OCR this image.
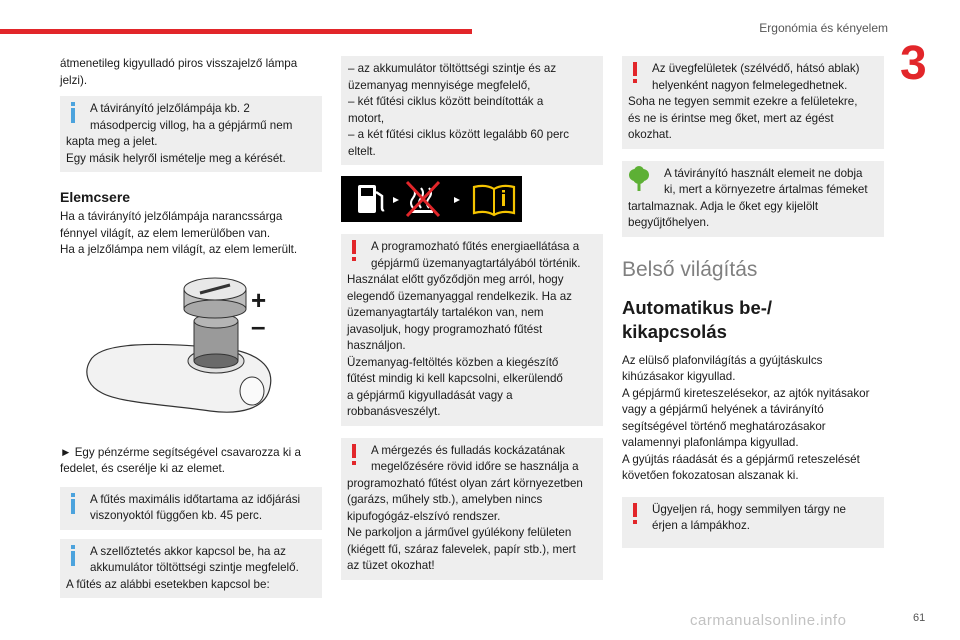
Ergonómia és kényelem
3

átmenetileg kigyulladó piros visszajelző lámpa jelzi).

A távirányító jelzőlámpája kb. 2
másodpercig villog, ha a gépjármű nem
kapta meg a jelet.
Egy másik helyről ismételje meg a kérését.
Elemcsere

Ha a távirányító jelzőlámpája narancssárga

fénnyel világít, az elem lemerülőben van.

Ha a jelzőlámpa nem világít, az elem lemerült.

+
–

► Egy pénzérme segítségével csavarozza ki a

fedelet, és cserélje ki az elemet.

A fűtés maximális időtartama az időjárási
viszonyoktól függően kb. 45 perc.
A szellőztetés akkor kapcsol be, ha az
akkumulátor töltöttségi szintje megfelelő.
A fűtés az alábbi esetekben kapcsol be:
– az akkumulátor töltöttségi szintje és az
üzemanyag mennyisége megfelelő,
– két fűtési ciklus között beindították a
motort,
– a két fűtési ciklus között legalább 60 perc
eltelt.
A programozható fűtés energiaellátása a
gépjármű üzemanyagtartályából történik.
Használat előtt győződjön meg arról, hogy
elegendő üzemanyaggal rendelkezik. Ha az
üzemanyagtartály tartalékon van, nem
javasoljuk, hogy programozható fűtést
használjon.
Üzemanyag-feltöltés közben a kiegészítő
fűtést mindig ki kell kapcsolni, elkerülendő
a gépjármű kigyulladását vagy a
robbanásveszélyt.
A mérgezés és fulladás kockázatának
megelőzésére rövid időre se használja a
programozható fűtést olyan zárt környezetben
(garázs, műhely stb.), amelyben nincs
kipufogógáz-elszívó rendszer.
Ne parkoljon a járművel gyúlékony felületen
(kiégett fű, száraz falevelek, papír stb.), mert
az tüzet okozhat!
Az üvegfelületek (szélvédő, hátsó ablak)
helyenként nagyon felmelegedhetnek.
Soha ne tegyen semmit ezekre a felületekre,
és ne is érintse meg őket, mert az égést
okozhat.
A távirányító használt elemeit ne dobja
ki, mert a környezetre ártalmas fémeket
tartalmaznak. Adja le őket egy kijelölt
begyűjtőhelyen.
Belső világítás
Automatikus be-/
kikapcsolás

Az elülső plafonvilágítás a gyújtáskulcs

kihúzásakor kigyullad.

A gépjármű kireteszelésekor, az ajtók nyitásakor

vagy a gépjármű helyének a távirányító

segítségével történő meghatározásakor

valamennyi plafonlámpa kigyullad.

A gyújtás ráadását és a gépjármű reteszelését

követően fokozatosan alszanak ki.

Ügyeljen rá, hogy semmilyen tárgy ne
érjen a lámpákhoz.
carmanualsonline.info	61
